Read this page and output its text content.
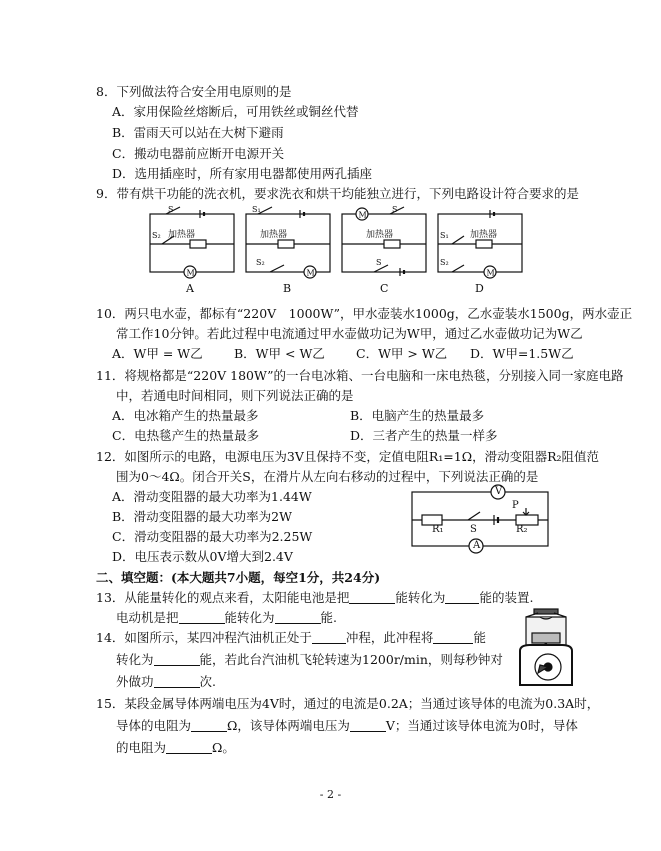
8．下列做法符合安全用电原则的是
A．家用保险丝熔断后，可用铁丝或铜丝代替
B．雷雨天可以站在大树下避雨
C．搬动电器前应断开电源开关
D．选用插座时，所有家用电器都使用两孔插座
9．带有烘干功能的洗衣机，要求洗衣和烘干均能独立进行，下列电路设计符合要求的是
S
S₂ 加热器
M
A
S₁
加热器
S₂
M
B
M
S
加热器
S
C
S₁ 加热器
S₂
M
D
10．两只电水壶，都标有“220V　1000W”，甲水壶装水1000g，乙水壶装水1500g，两水壶正
常工作10分钟。若此过程中电流通过甲水壶做功记为W甲，通过乙水壶做功记为W乙
A．W甲 = W乙	B．W甲 < W乙 C．W甲 > W乙 D．W甲=1.5W乙
11．将规格都是“220V 180W”的一台电冰箱、一台电脑和一床电热毯，分别接入同一家庭电路
中，若通电时间相同，则下列说法正确的是
A．电冰箱产生的热量最多	B．电脑产生的热量最多
C．电热毯产生的热量最多	D．三者产生的热量一样多
12．如图所示的电路，电源电压为3V且保持不变，定值电阻R₁=1Ω，滑动变阻器R₂阻值范
围为0～4Ω。闭合开关S，在滑片从左向右移动的过程中，下列说法正确的是
A．滑动变阻器的最大功率为1.44W
B．滑动变阻器的最大功率为2W
C．滑动变阻器的最大功率为2.25W
D．电压表示数从0V增大到2.4V
V
A
R₁	R₂
P
S
二、填空题：(本大题共7小题，每空1分，共24分)
13．从能量转化的观点来看，太阳能电池是把	能转化为	能的装置.
电动机是把	能转化为	能.
14．如图所示，某四冲程汽油机正处于	冲程，此冲程将	能
转化为	能，若此台汽油机飞轮转速为1200r/min，则每秒钟对
外做功	次.
15．某段金属导体两端电压为4V时，通过的电流是0.2A；当通过该导体的电流为0.3A时，
导体的电阻为	Ω，该导体两端电压为	V；当通过该导体电流为0时，导体
的电阻为	Ω。
- 2 -
